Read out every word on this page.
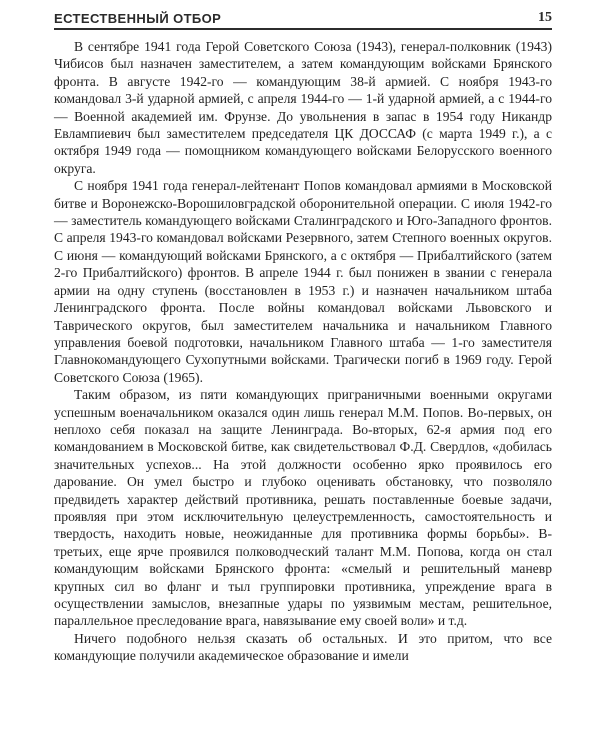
ЕСТЕСТВЕННЫЙ ОТБОР	15

В сентябре 1941 года Герой Советского Союза (1943), генерал-полковник (1943) Чибисов был назначен заместителем, а затем командующим войсками Брянского фронта. В августе 1942-го — командующим 38-й армией. С ноября 1943-го командовал 3-й ударной армией, с апреля 1944-го — 1-й ударной армией, а с 1944-го — Военной академией им. Фрунзе. До увольнения в запас в 1954 году Никандр Евлампиевич был заместителем председателя ЦК ДОССАФ (с марта 1949 г.), а с октября 1949 года — помощником командующего войсками Белорусского военного округа.

С ноября 1941 года генерал-лейтенант Попов командовал армиями в Московской битве и Воронежско-Ворошиловградской оборонительной операции. С июля 1942-го — заместитель командующего войсками Сталинградского и Юго-Западного фронтов. С апреля 1943-го командовал войсками Резервного, затем Степного военных округов. С июня — командующий войсками Брянского, а с октября — Прибалтийского (затем 2-го Прибалтийского) фронтов. В апреле 1944 г. был понижен в звании с генерала армии на одну ступень (восстановлен в 1953 г.) и назначен начальником штаба Ленинградского фронта. После войны командовал войсками Львовского и Таврического округов, был заместителем начальника и начальником Главного управления боевой подготовки, начальником Главного штаба — 1-го заместителя Главнокомандующего Сухопутными войсками. Трагически погиб в 1969 году. Герой Советского Союза (1965).

Таким образом, из пяти командующих приграничными военными округами успешным военачальником оказался один лишь генерал М.М. Попов. Во-первых, он неплохо себя показал на защите Ленинграда. Во-вторых, 62-я армия под его командованием в Московской битве, как свидетельствовал Ф.Д. Свердлов, «добилась значительных успехов... На этой должности особенно ярко проявилось его дарование. Он умел быстро и глубоко оценивать обстановку, что позволяло предвидеть характер действий противника, решать поставленные боевые задачи, проявляя при этом исключительную целеустремленность, самостоятельность и твердость, находить новые, неожиданные для противника формы борьбы». В-третьих, еще ярче проявился полководческий талант М.М. Попова, когда он стал командующим войсками Брянского фронта: «смелый и решительный маневр крупных сил во фланг и тыл группировки противника, упреждение врага в осуществлении замыслов, внезапные удары по уязвимым местам, решительное, параллельное преследование врага, навязывание ему своей воли» и т.д.

Ничего подобного нельзя сказать об остальных. И это притом, что все командующие получили академическое образование и имели
